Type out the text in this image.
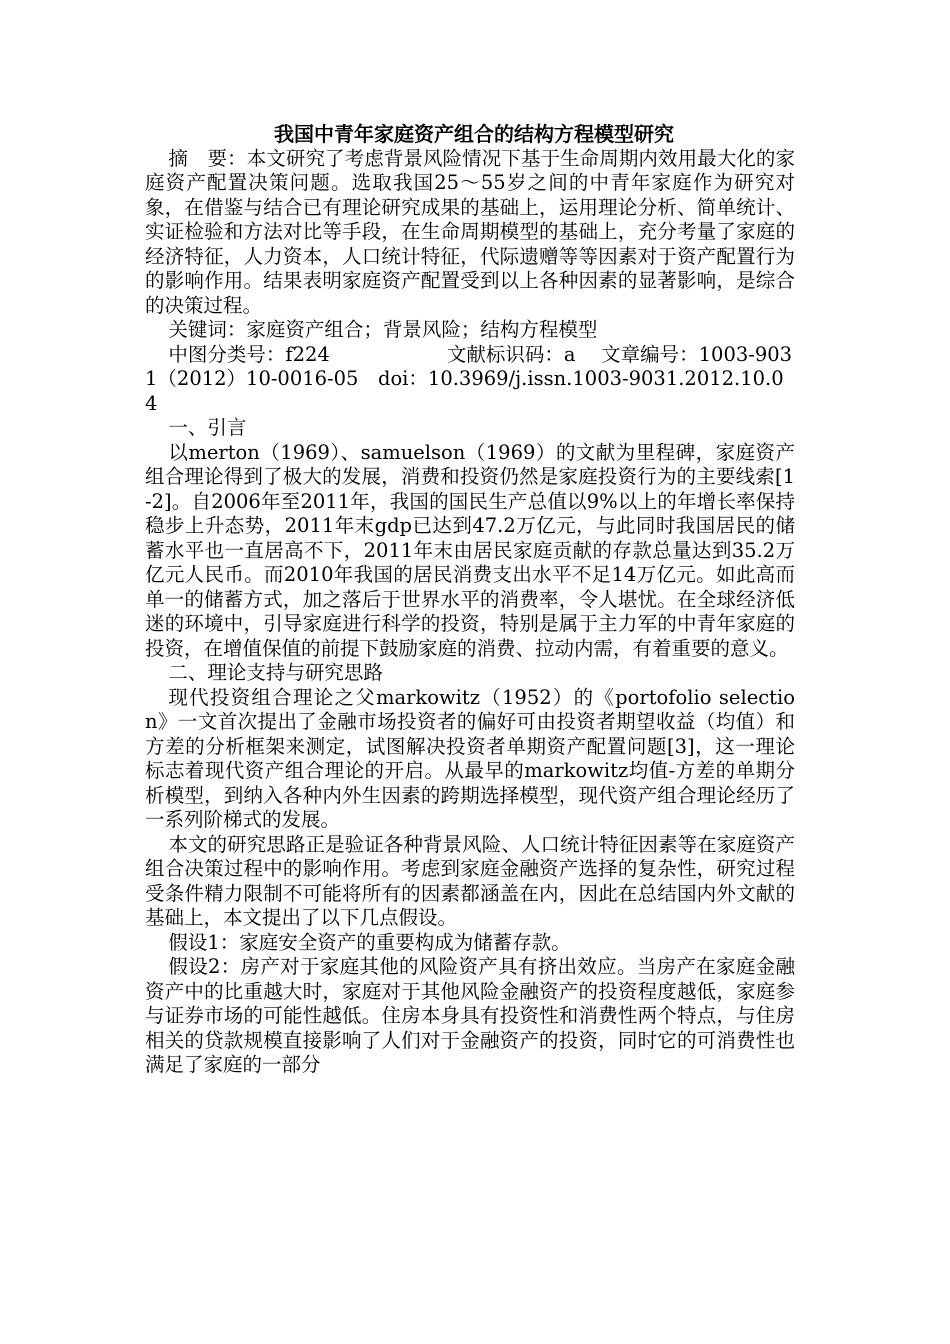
我国中青年家庭资产组合的结构方程模型研究

摘　要：本文研究了考虑背景风险情况下基于生命周期内效用最大化的家庭资产配置决策问题。选取我国25～55岁之间的中青年家庭作为研究对象，在借鉴与结合已有理论研究成果的基础上，运用理论分析、简单统计、实证检验和方法对比等手段，在生命周期模型的基础上，充分考量了家庭的经济特征，人力资本，人口统计特征，代际遗赠等等因素对于资产配置行为的影响作用。结果表明家庭资产配置受到以上各种因素的显著影响，是综合的决策过程。

关键词：家庭资产组合；背景风险；结构方程模型

中图分类号：f224　　　　　　文献标识码：a　 文章编号：1003-9031（2012）10-0016-05　doi：10.3969/j.issn.1003-9031.2012.10.04

一、引言

以merton（1969）、samuelson（1969）的文献为里程碑，家庭资产组合理论得到了极大的发展，消费和投资仍然是家庭投资行为的主要线索[1-2]。自2006年至2011年，我国的国民生产总值以9%以上的年增长率保持稳步上升态势，2011年末gdp已达到47.2万亿元，与此同时我国居民的储蓄水平也一直居高不下，2011年末由居民家庭贡献的存款总量达到35.2万亿元人民币。而2010年我国的居民消费支出水平不足14万亿元。如此高而单一的储蓄方式，加之落后于世界水平的消费率，令人堪忧。在全球经济低迷的环境中，引导家庭进行科学的投资，特别是属于主力军的中青年家庭的投资，在增值保值的前提下鼓励家庭的消费、拉动内需，有着重要的意义。

二、理论支持与研究思路

现代投资组合理论之父markowitz（1952）的《portofolio selection》一文首次提出了金融市场投资者的偏好可由投资者期望收益（均值）和方差的分析框架来测定，试图解决投资者单期资产配置问题[3]，这一理论标志着现代资产组合理论的开启。从最早的markowitz均值-方差的单期分析模型，到纳入各种内外生因素的跨期选择模型，现代资产组合理论经历了一系列阶梯式的发展。

本文的研究思路正是验证各种背景风险、人口统计特征因素等在家庭资产组合决策过程中的影响作用。考虑到家庭金融资产选择的复杂性，研究过程受条件精力限制不可能将所有的因素都涵盖在内，因此在总结国内外文献的基础上，本文提出了以下几点假设。

假设1：家庭安全资产的重要构成为储蓄存款。

假设2：房产对于家庭其他的风险资产具有挤出效应。当房产在家庭金融资产中的比重越大时，家庭对于其他风险金融资产的投资程度越低，家庭参与证券市场的可能性越低。住房本身具有投资性和消费性两个特点，与住房相关的贷款规模直接影响了人们对于金融资产的投资，同时它的可消费性也满足了家庭的一部分
